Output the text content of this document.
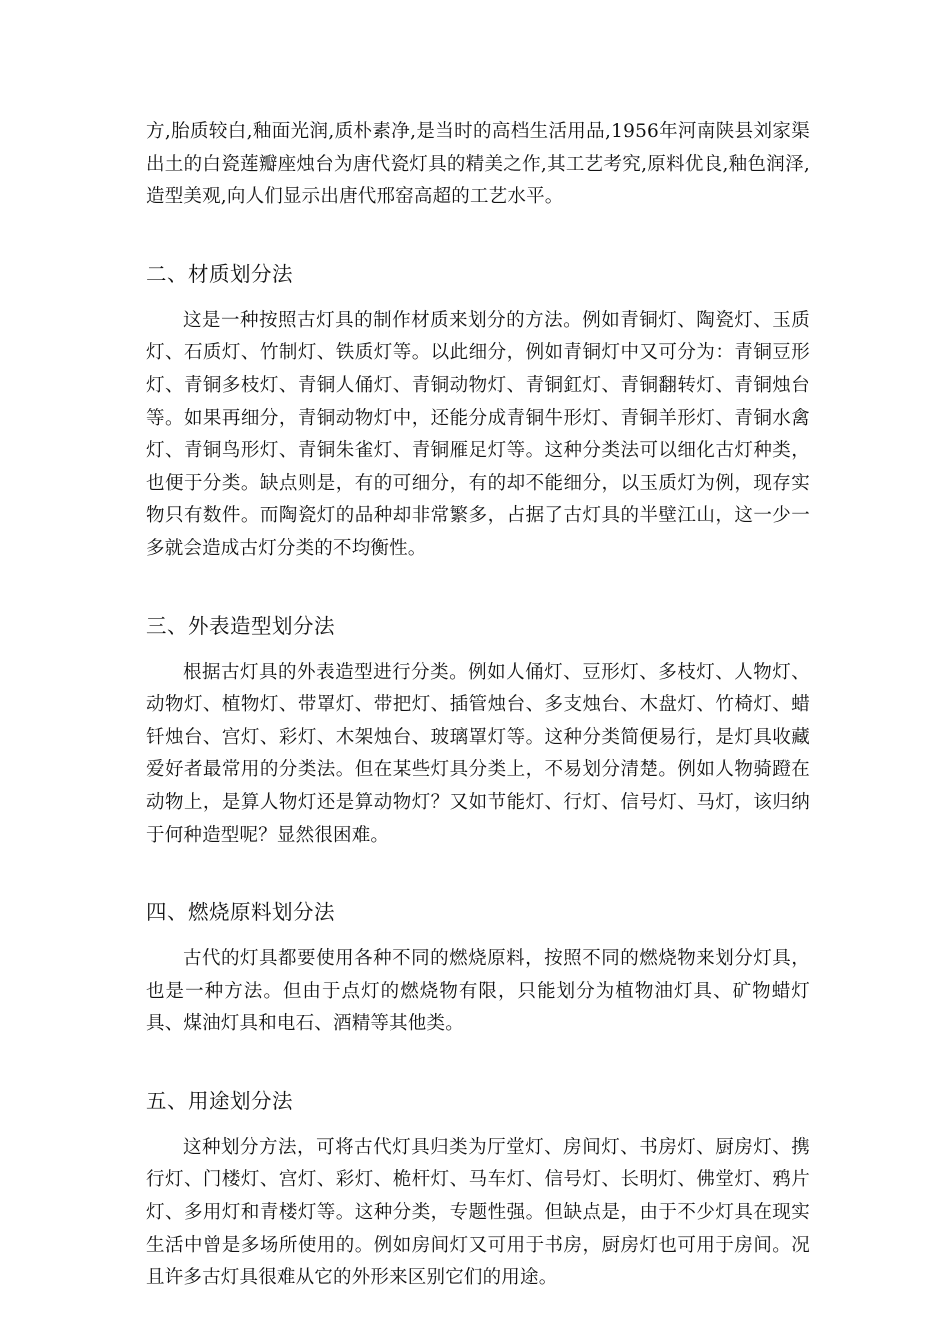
方,胎质较白,釉面光润,质朴素净,是当时的高档生活用品,1956年河南陕县刘家渠出土的白瓷莲瓣座烛台为唐代瓷灯具的精美之作,其工艺考究,原料优良,釉色润泽,造型美观,向人们显示出唐代邢窑高超的工艺水平。

二、材质划分法

这是一种按照古灯具的制作材质来划分的方法。例如青铜灯、陶瓷灯、玉质灯、石质灯、竹制灯、铁质灯等。以此细分，例如青铜灯中又可分为：青铜豆形灯、青铜多枝灯、青铜人俑灯、青铜动物灯、青铜釭灯、青铜翻转灯、青铜烛台等。如果再细分，青铜动物灯中，还能分成青铜牛形灯、青铜羊形灯、青铜水禽灯、青铜鸟形灯、青铜朱雀灯、青铜雁足灯等。这种分类法可以细化古灯种类，也便于分类。缺点则是，有的可细分，有的却不能细分，以玉质灯为例，现存实物只有数件。而陶瓷灯的品种却非常繁多，占据了古灯具的半壁江山，这一少一多就会造成古灯分类的不均衡性。

三、外表造型划分法

根据古灯具的外表造型进行分类。例如人俑灯、豆形灯、多枝灯、人物灯、动物灯、植物灯、带罩灯、带把灯、插管烛台、多支烛台、木盘灯、竹椅灯、蜡钎烛台、宫灯、彩灯、木架烛台、玻璃罩灯等。这种分类简便易行，是灯具收藏爱好者最常用的分类法。但在某些灯具分类上，不易划分清楚。例如人物骑蹬在动物上，是算人物灯还是算动物灯？又如节能灯、行灯、信号灯、马灯，该归纳于何种造型呢？显然很困难。

四、燃烧原料划分法

古代的灯具都要使用各种不同的燃烧原料，按照不同的燃烧物来划分灯具，也是一种方法。但由于点灯的燃烧物有限，只能划分为植物油灯具、矿物蜡灯具、煤油灯具和电石、酒精等其他类。

五、用途划分法

这种划分方法，可将古代灯具归类为厅堂灯、房间灯、书房灯、厨房灯、携行灯、门楼灯、宫灯、彩灯、桅杆灯、马车灯、信号灯、长明灯、佛堂灯、鸦片灯、多用灯和青楼灯等。这种分类，专题性强。但缺点是，由于不少灯具在现实生活中曾是多场所使用的。例如房间灯又可用于书房，厨房灯也可用于房间。况且许多古灯具很难从它的外形来区别它们的用途。
